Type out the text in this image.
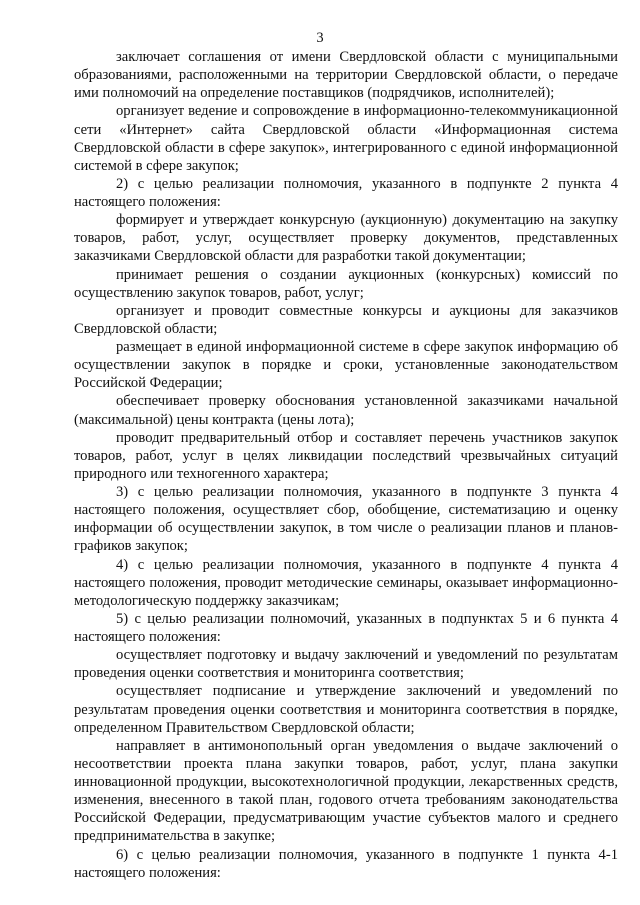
3

заключает соглашения от имени Свердловской области с муниципальными образованиями, расположенными на территории Свердловской области, о передаче ими полномочий на определение поставщиков (подрядчиков, исполнителей);

организует ведение и сопровождение в информационно-телекоммуникационной сети «Интернет» сайта Свердловской области «Информационная система Свердловской области в сфере закупок», интегрированного с единой информационной системой в сфере закупок;

2) с целью реализации полномочия, указанного в подпункте 2 пункта 4 настоящего положения:

формирует и утверждает конкурсную (аукционную) документацию на закупку товаров, работ, услуг, осуществляет проверку документов, представленных заказчиками Свердловской области для разработки такой документации;

принимает решения о создании аукционных (конкурсных) комиссий по осуществлению закупок товаров, работ, услуг;

организует и проводит совместные конкурсы и аукционы для заказчиков Свердловской области;

размещает в единой информационной системе в сфере закупок информацию об осуществлении закупок в порядке и сроки, установленные законодательством Российской Федерации;

обеспечивает проверку обоснования установленной заказчиками начальной (максимальной) цены контракта (цены лота);

проводит предварительный отбор и составляет перечень участников закупок товаров, работ, услуг в целях ликвидации последствий чрезвычайных ситуаций природного или техногенного характера;

3) с целью реализации полномочия, указанного в подпункте 3 пункта 4 настоящего положения, осуществляет сбор, обобщение, систематизацию и оценку информации об осуществлении закупок, в том числе о реализации планов и планов-графиков закупок;

4) с целью реализации полномочия, указанного в подпункте 4 пункта 4 настоящего положения, проводит методические семинары, оказывает информационно-методологическую поддержку заказчикам;

5) с целью реализации полномочий, указанных в подпунктах 5 и 6 пункта 4 настоящего положения:

осуществляет подготовку и выдачу заключений и уведомлений по результатам проведения оценки соответствия и мониторинга соответствия;

осуществляет подписание и утверждение заключений и уведомлений по результатам проведения оценки соответствия и мониторинга соответствия в порядке, определенном Правительством Свердловской области;

направляет в антимонопольный орган уведомления о выдаче заключений о несоответствии проекта плана закупки товаров, работ, услуг, плана закупки инновационной продукции, высокотехнологичной продукции, лекарственных средств, изменения, внесенного в такой план, годового отчета требованиям законодательства Российской Федерации, предусматривающим участие субъектов малого и среднего предпринимательства в закупке;

6) с целью реализации полномочия, указанного в подпункте 1 пункта 4-1 настоящего положения:
